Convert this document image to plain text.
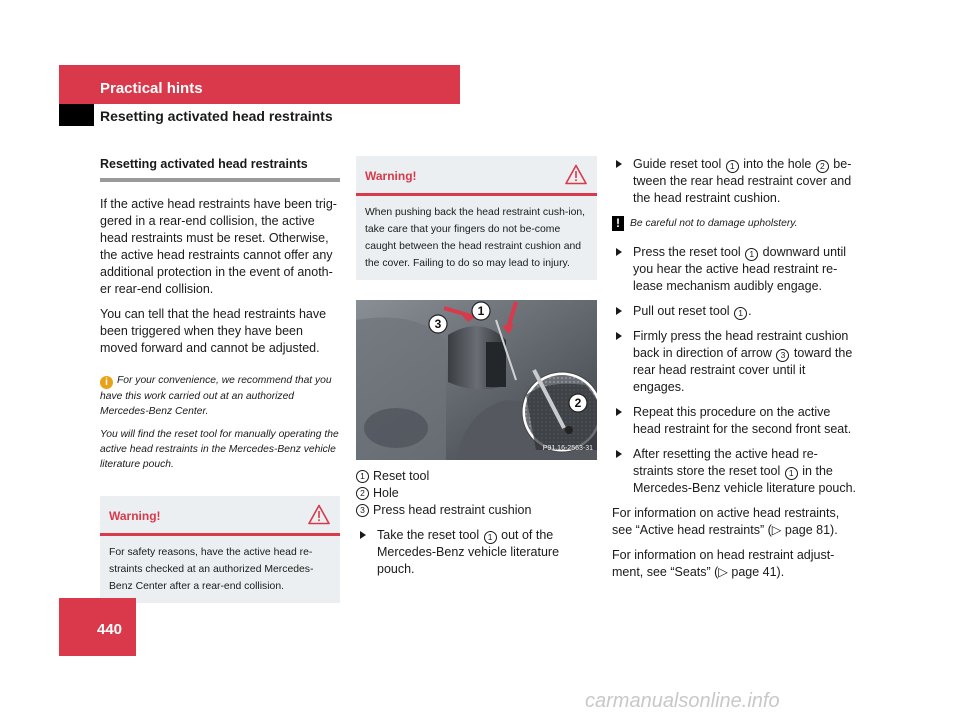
Practical hints
Resetting activated head restraints
Resetting activated head restraints

If the active head restraints have been trig-gered in a rear-end collision, the active head restraints must be reset. Otherwise, the active head restraints cannot offer any additional protection in the event of anoth-er rear-end collision.

You can tell that the head restraints have been triggered when they have been moved forward and cannot be adjusted.

i For your convenience, we recommend that you have this work carried out at an authorized Mercedes-Benz Center.

You will find the reset tool for manually operating the active head restraints in the Mercedes-Benz vehicle literature pouch.

Warning!
For safety reasons, have the active head re-straints checked at an authorized Mercedes-Benz Center after a rear-end collision.
Warning!
When pushing back the head restraint cush-ion, take care that your fingers do not be-come caught between the head restraint cushion and the cover. Failing to do so may lead to injury.
1
3
2
P91.16-2563-31
1 Reset tool
2 Hole
3 Press head restraint cushion

Take the reset tool 1 out of the Mercedes-Benz vehicle literature pouch.

Guide reset tool 1 into the hole 2 be-tween the rear head restraint cover and the head restraint cushion.

! Be careful not to damage upholstery.

Press the reset tool 1 downward until you hear the active head restraint re-lease mechanism audibly engage.

Pull out reset tool 1 .

Firmly press the head restraint cushion back in direction of arrow 3 toward the rear head restraint cover until it engages.

Repeat this procedure on the active head restraint for the second front seat.

After resetting the active head re-straints store the reset tool 1 in the Mercedes-Benz vehicle literature pouch.

For information on active head restraints, see “Active head restraints” (▷ page 81).

For information on head restraint adjust-ment, see “Seats” (▷ page 41).

440
carmanualsonline.info
